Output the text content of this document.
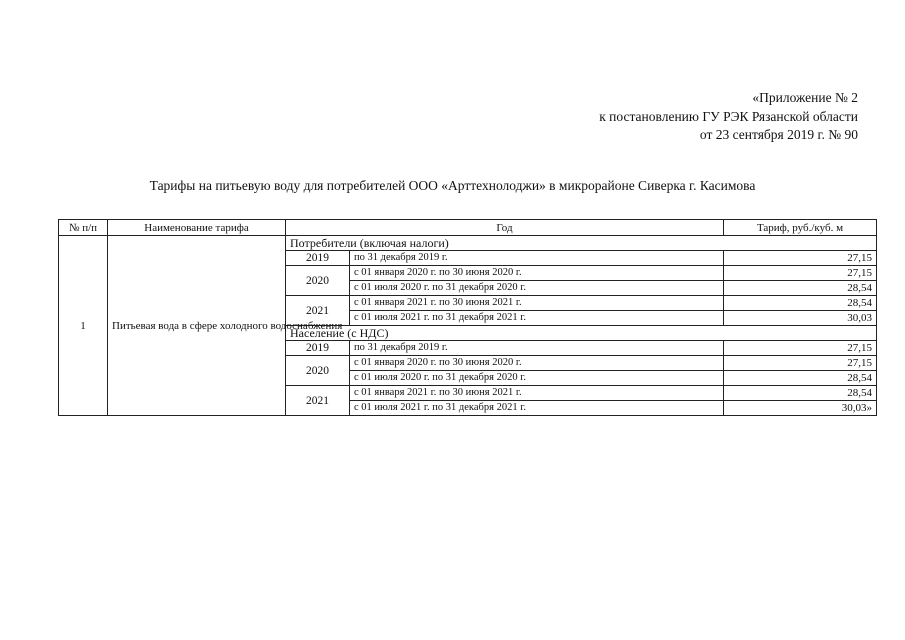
«Приложение № 2
к постановлению ГУ РЭК Рязанской области
от 23 сентября 2019 г. № 90
Тарифы на питьевую воду для потребителей ООО «Арттехнолоджи» в микрорайоне Сиверка г. Касимова
№ п/п	Наименование тарифа	Год		Тариф, руб./куб. м
1	Питьевая вода в сфере холодного водоснабжения	Потребители (включая налоги)		
		2019	по 31 декабря 2019 г.	27,15
		2020	с 01 января 2020 г. по 30 июня 2020 г.	27,15
			с 01 июля 2020 г. по 31 декабря 2020 г.	28,54
		2021	с 01 января 2021 г. по 30 июня 2021 г.	28,54
			с 01 июля 2021 г. по 31 декабря 2021 г.	30,03
		Население (с НДС)		
		2019	по 31 декабря 2019 г.	27,15
		2020	с 01 января 2020 г. по 30 июня 2020 г.	27,15
			с 01 июля 2020 г. по 31 декабря 2020 г.	28,54
		2021	с 01 января 2021 г. по 30 июня 2021 г.	28,54
			с 01 июля 2021 г. по 31 декабря 2021 г.	30,03»
